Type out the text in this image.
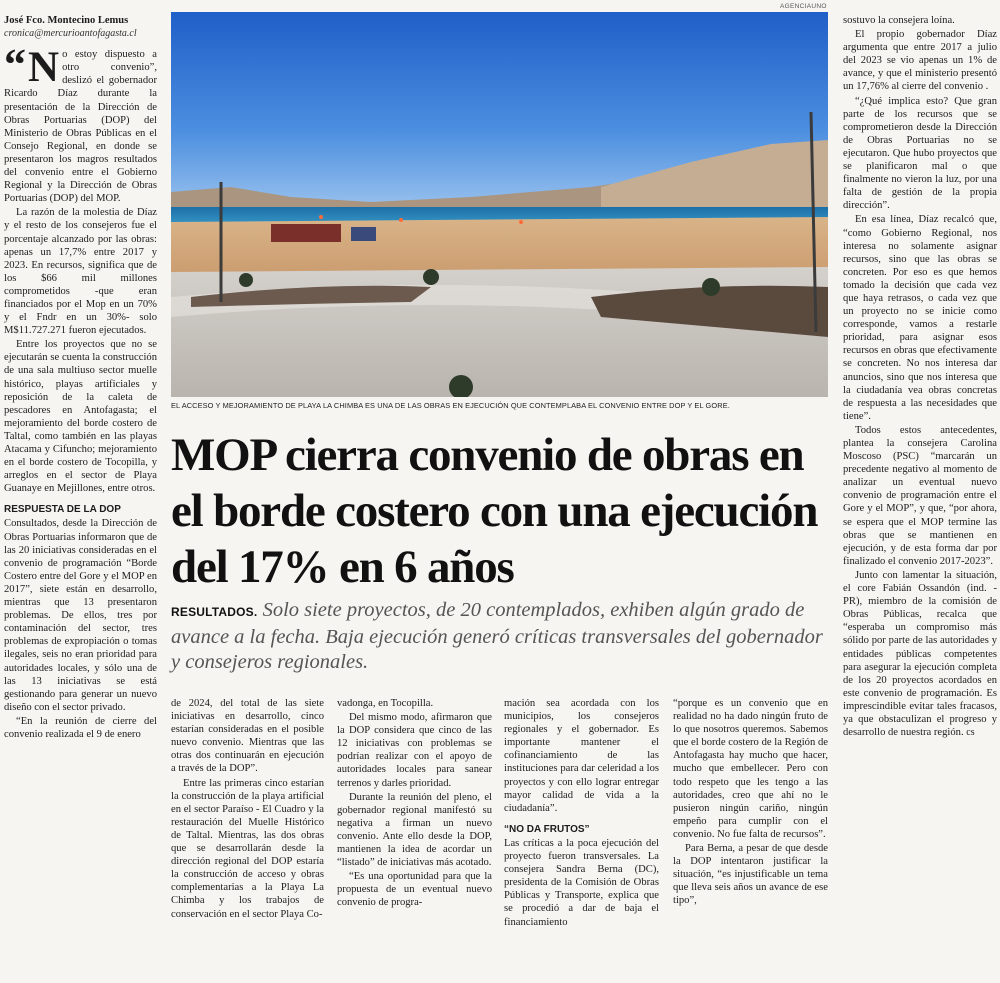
José Fco. Montecino Lemus
cronica@mercurioantofagasta.cl

“ N o estoy dispuesto a otro convenio”, deslizó el gobernador Ricardo Díaz durante la presentación de la Dirección de Obras Portuarias (DOP) del Ministerio de Obras Públicas en el Consejo Regional, en donde se presentaron los magros resultados del convenio entre el Gobierno Regional y la Dirección de Obras Portuarias (DOP) del MOP.

La razón de la molestia de Díaz y el resto de los consejeros fue el porcentaje alcanzado por las obras: apenas un 17,7% entre 2017 y 2023. En recursos, significa que de los $66 mil millones comprometidos -que eran financiados por el Mop en un 70% y el Fndr en un 30%- solo M$11.727.271 fueron ejecutados.

Entre los proyectos que no se ejecutarán se cuenta la construcción de una sala multiuso sector muelle histórico, playas artificiales y reposición de la caleta de pescadores en Antofagasta; el mejoramiento del borde costero de Taltal, como también en las playas Atacama y Cifuncho; mejoramiento en el borde costero de Tocopilla, y arreglos en el sector de Playa Guanaye en Mejillones, entre otros.

RESPUESTA DE LA DOP

Consultados, desde la Dirección de Obras Portuarias informaron que de las 20 iniciativas consideradas en el convenio de programación “Borde Costero entre del Gore y el MOP en 2017”, siete están en desarrollo, mientras que 13 presentaron problemas. De ellos, tres por contaminación del sector, tres problemas de expropiación o tomas ilegales, seis no eran prioridad para autoridades locales, y sólo una de las 13 iniciativas se está gestionando para generar un nuevo diseño con el sector privado.

“En la reunión de cierre del convenio realizada el 9 de enero

AGENCIAUNO
EL ACCESO Y MEJORAMIENTO DE PLAYA LA CHIMBA ES UNA DE LAS OBRAS EN EJECUCIÓN QUE CONTEMPLABA EL CONVENIO ENTRE DOP Y EL GORE.
MOP cierra convenio de obras en el borde costero con una ejecución del 17% en 6 años
RESULTADOS. Solo siete proyectos, de 20 contemplados, exhiben algún grado de avance a la fecha. Baja ejecución generó críticas transversales del gobernador y consejeros regionales.

de 2024, del total de las siete iniciativas en desarrollo, cinco estarían consideradas en el posible nuevo convenio. Mientras que las otras dos continuarán en ejecución a través de la DOP”.

Entre las primeras cinco estarían la construcción de la playa artificial en el sector Paraíso - El Cuadro y la restauración del Muelle Histórico de Taltal. Mientras, las dos obras que se desarrollarán desde la dirección regional del DOP estaría la construcción de acceso y obras complementarias a la Playa La Chimba y los trabajos de conservación en el sector Playa Co-

vadonga, en Tocopilla.

Del mismo modo, afirmaron que la DOP considera que cinco de las 12 iniciativas con problemas se podrían realizar con el apoyo de autoridades locales para sanear terrenos y darles prioridad.

Durante la reunión del pleno, el gobernador regional manifestó su negativa a firman un nuevo convenio. Ante ello desde la DOP, mantienen la idea de acordar un “listado” de iniciativas más acotado.

“Es una oportunidad para que la propuesta de un eventual nuevo convenio de progra-

mación sea acordada con los municipios, los consejeros regionales y el gobernador. Es importante mantener el cofinanciamiento de las instituciones para dar celeridad a los proyectos y con ello lograr entregar mayor calidad de vida a la ciudadanía”.

“NO DA FRUTOS”

Las críticas a la poca ejecución del proyecto fueron transversales. La consejera Sandra Berna (DC), presidenta de la Comisión de Obras Públicas y Transporte, explica que se procedió a dar de baja el financiamiento

“porque es un convenio que en realidad no ha dado ningún fruto de lo que nosotros queremos. Sabemos que el borde costero de la Región de Antofagasta hay mucho que hacer, mucho que embellecer. Pero con todo respeto que les tengo a las autoridades, creo que ahí no le pusieron ningún cariño, ningún empeño para cumplir con el convenio. No fue falta de recursos”.

Para Berna, a pesar de que desde la DOP intentaron justificar la situación, “es injustificable un tema que lleva seis años un avance de ese tipo”,

sostuvo la consejera loína.

El propio gobernador Díaz argumenta que entre 2017 a julio del 2023 se vio apenas un 1% de avance, y que el ministerio presentó un 17,76% al cierre del convenio .

“¿Qué implica esto? Que gran parte de los recursos que se comprometieron desde la Dirección de Obras Portuarias no se ejecutaron. Que hubo proyectos que se planificaron mal o que finalmente no vieron la luz, por una falta de gestión de la propia dirección”.

En esa línea, Díaz recalcó que, “como Gobierno Regional, nos interesa no solamente asignar recursos, sino que las obras se concreten. Por eso es que hemos tomado la decisión que cada vez que haya retrasos, o cada vez que un proyecto no se inicie como corresponde, vamos a restarle prioridad, para asignar esos recursos en obras que efectivamente se concreten. No nos interesa dar anuncios, sino que nos interesa que la ciudadanía vea obras concretas de respuesta a las necesidades que tiene”.

Todos estos antecedentes, plantea la consejera Carolina Moscoso (PSC) “marcarán un precedente negativo al momento de analizar un eventual nuevo convenio de programación entre el Gore y el MOP”, y que, “por ahora, se espera que el MOP termine las obras que se mantienen en ejecución, y de esta forma dar por finalizado el convenio 2017-2023”.

Junto con lamentar la situación, el core Fabián Ossandón (ind. - PR), miembro de la comisión de Obras Públicas, recalca que “esperaba un compromiso más sólido por parte de las autoridades y entidades públicas competentes para asegurar la ejecución completa de los 20 proyectos acordados en este convenio de programación. Es imprescindible evitar tales fracasos, ya que obstaculizan el progreso y desarrollo de nuestra región. cs
